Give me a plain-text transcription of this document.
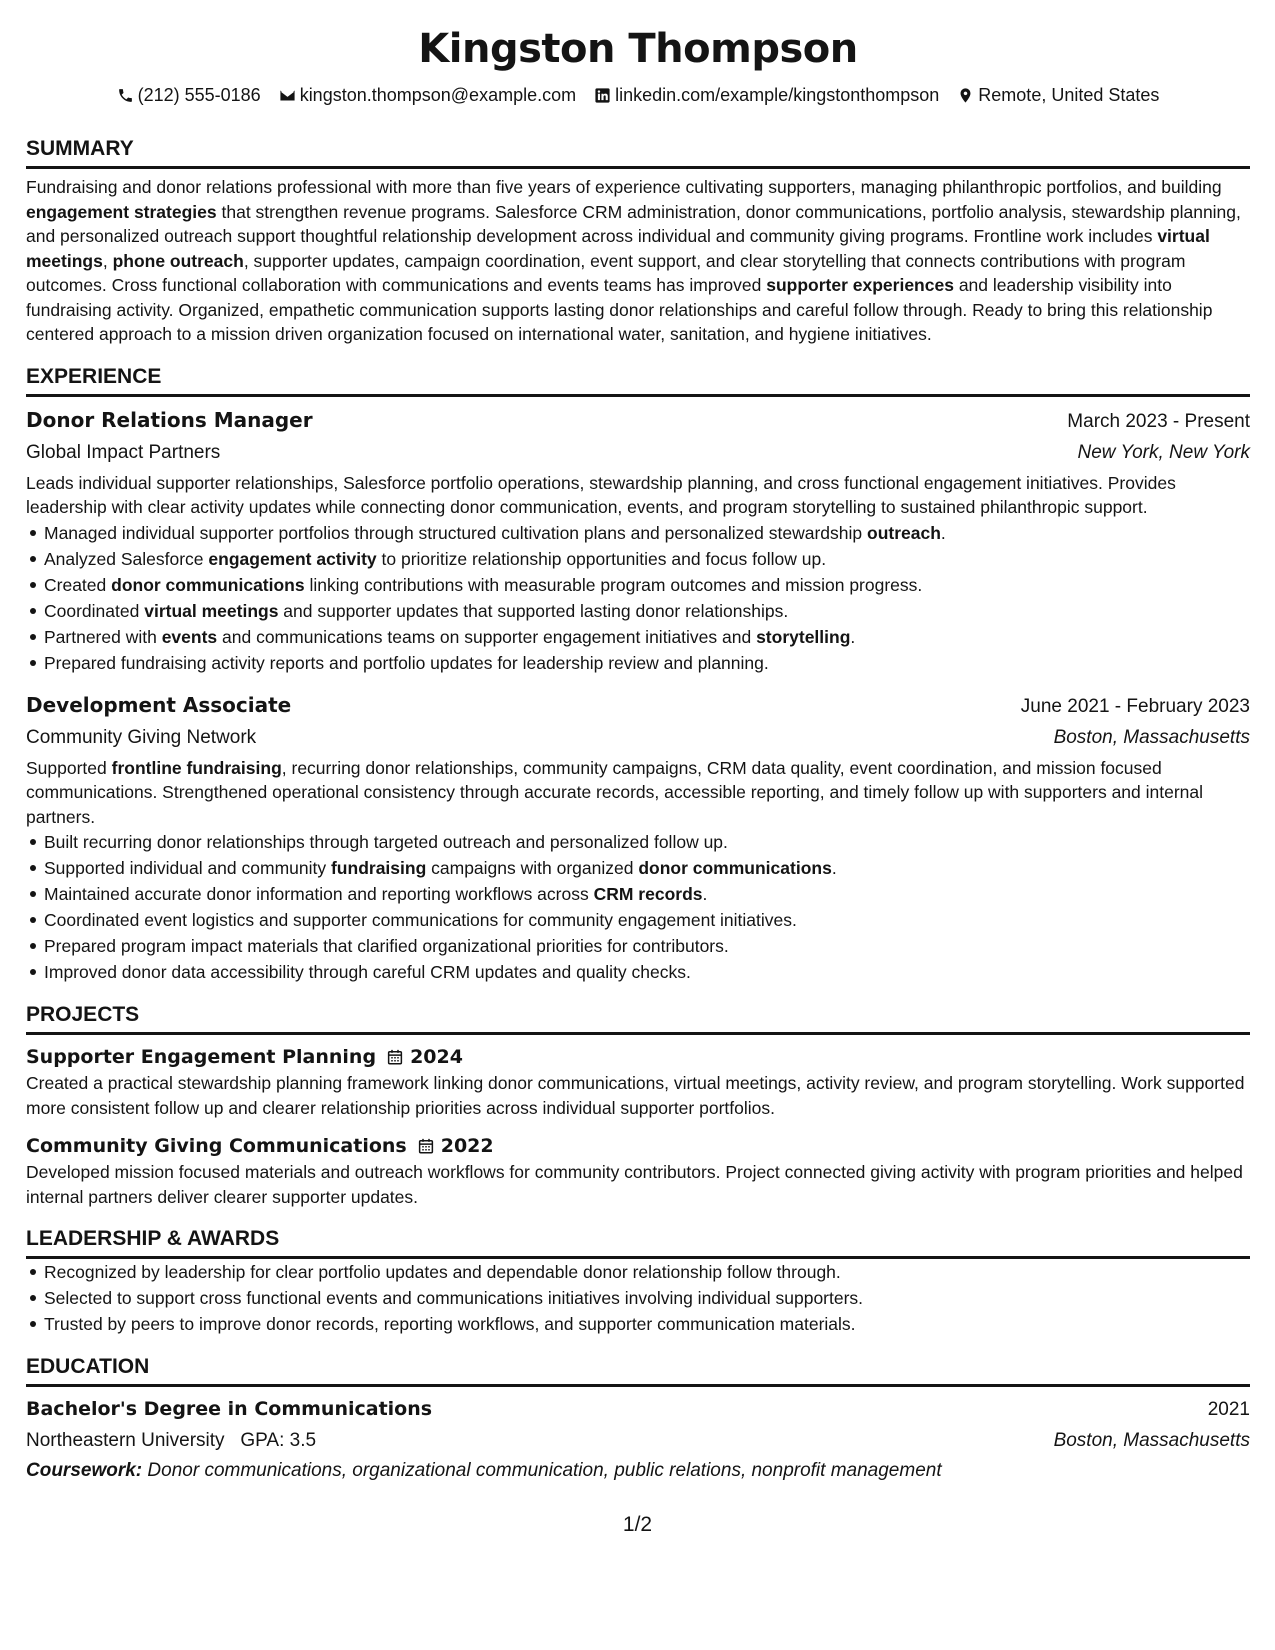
Kingston Thompson
(212) 555-0186 kingston.thompson@example.com linkedin.com/example/kingstonthompson Remote, United States
SUMMARY

Fundraising and donor relations professional with more than five years of experience cultivating supporters, managing philanthropic portfolios, and building engagement strategies that strengthen revenue programs. Salesforce CRM administration, donor communications, portfolio analysis, stewardship planning, and personalized outreach support thoughtful relationship development across individual and community giving programs. Frontline work includes virtual meetings, phone outreach, supporter updates, campaign coordination, event support, and clear storytelling that connects contributions with program outcomes. Cross functional collaboration with communications and events teams has improved supporter experiences and leadership visibility into fundraising activity. Organized, empathetic communication supports lasting donor relationships and careful follow through. Ready to bring this relationship centered approach to a mission driven organization focused on international water, sanitation, and hygiene initiatives.

EXPERIENCE
Donor Relations Manager	March 2023 - Present
Global Impact Partners	New York, New York

Leads individual supporter relationships, Salesforce portfolio operations, stewardship planning, and cross functional engagement initiatives. Provides leadership with clear activity updates while connecting donor communication, events, and program storytelling to sustained philanthropic support.

Managed individual supporter portfolios through structured cultivation plans and personalized stewardship outreach.
Analyzed Salesforce engagement activity to prioritize relationship opportunities and focus follow up.
Created donor communications linking contributions with measurable program outcomes and mission progress.
Coordinated virtual meetings and supporter updates that supported lasting donor relationships.
Partnered with events and communications teams on supporter engagement initiatives and storytelling.
Prepared fundraising activity reports and portfolio updates for leadership review and planning.
Development Associate	June 2021 - February 2023
Community Giving Network	Boston, Massachusetts

Supported frontline fundraising, recurring donor relationships, community campaigns, CRM data quality, event coordination, and mission focused communications. Strengthened operational consistency through accurate records, accessible reporting, and timely follow up with supporters and internal partners.

Built recurring donor relationships through targeted outreach and personalized follow up.
Supported individual and community fundraising campaigns with organized donor communications.
Maintained accurate donor information and reporting workflows across CRM records.
Coordinated event logistics and supporter communications for community engagement initiatives.
Prepared program impact materials that clarified organizational priorities for contributors.
Improved donor data accessibility through careful CRM updates and quality checks.
PROJECTS
Supporter Engagement Planning 2024

Created a practical stewardship planning framework linking donor communications, virtual meetings, activity review, and program storytelling. Work supported more consistent follow up and clearer relationship priorities across individual supporter portfolios.

Community Giving Communications 2022

Developed mission focused materials and outreach workflows for community contributors. Project connected giving activity with program priorities and helped internal partners deliver clearer supporter updates.

LEADERSHIP & AWARDS
Recognized by leadership for clear portfolio updates and dependable donor relationship follow through.
Selected to support cross functional events and communications initiatives involving individual supporters.
Trusted by peers to improve donor records, reporting workflows, and supporter communication materials.
EDUCATION
Bachelor's Degree in Communications	2021
Northeastern University GPA: 3.5	Boston, Massachusetts
Coursework: Donor communications, organizational communication, public relations, nonprofit management
1/2
